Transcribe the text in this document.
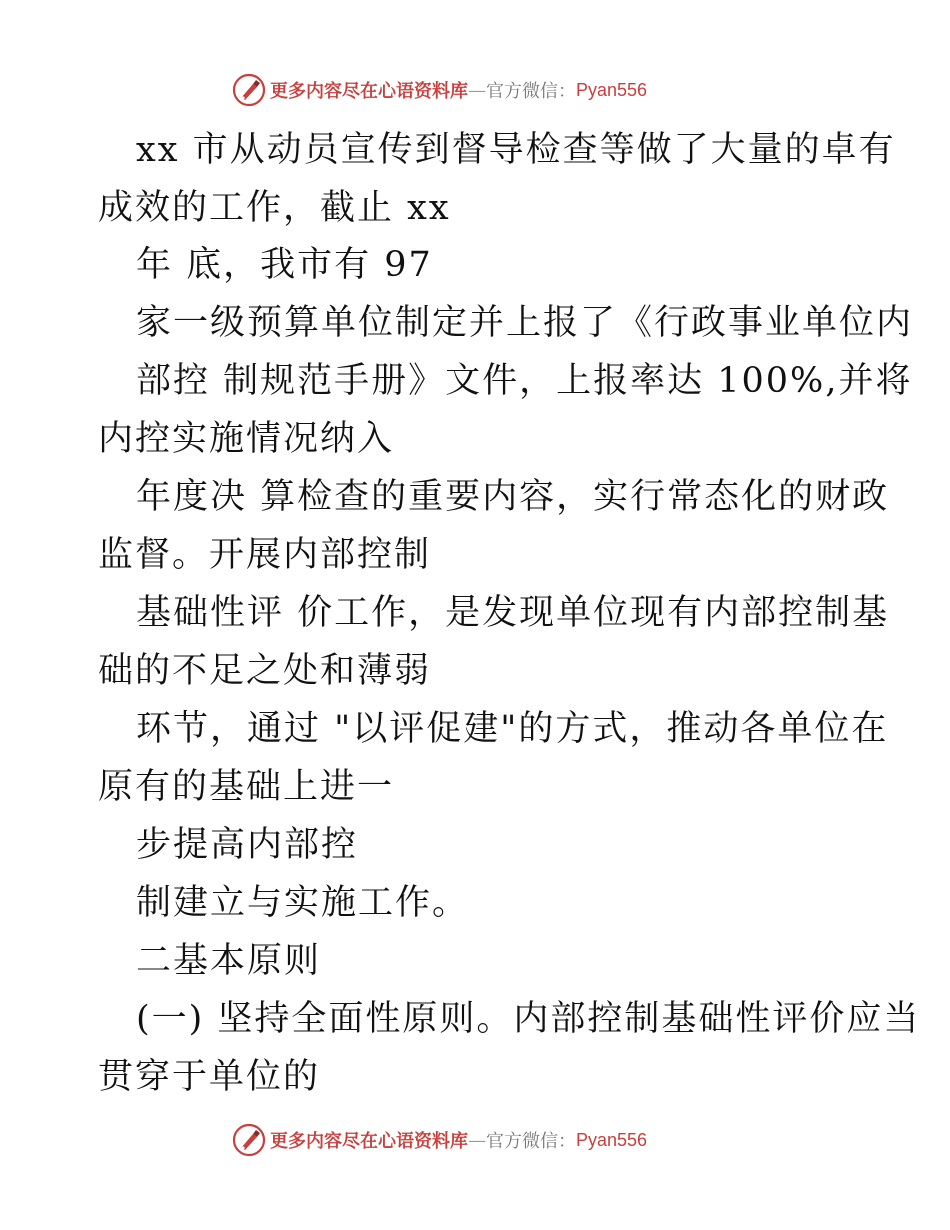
更多内容尽在心语资料库 — 官方微信： Pyan556
xx 市从动员宣传到督导检查等做了大量的卓有
成效的工作，截止 xx
年 底，我市有 97
家一级预算单位制定并上报了《行政事业单位内
部控 制规范手册》文件，上报率达 100%,并将
内控实施情况纳入
年度决 算检查的重要内容，实行常态化的财政
监督。开展内部控制
基础性评 价工作，是发现单位现有内部控制基
础的不足之处和薄弱
环节，通过 "以评促建"的方式，推动各单位在
原有的基础上进一
步提高内部控
制建立与实施工作。
二基本原则
(一) 坚持全面性原则。内部控制基础性评价应当
贯穿于单位的
更多内容尽在心语资料库 — 官方微信： Pyan556
